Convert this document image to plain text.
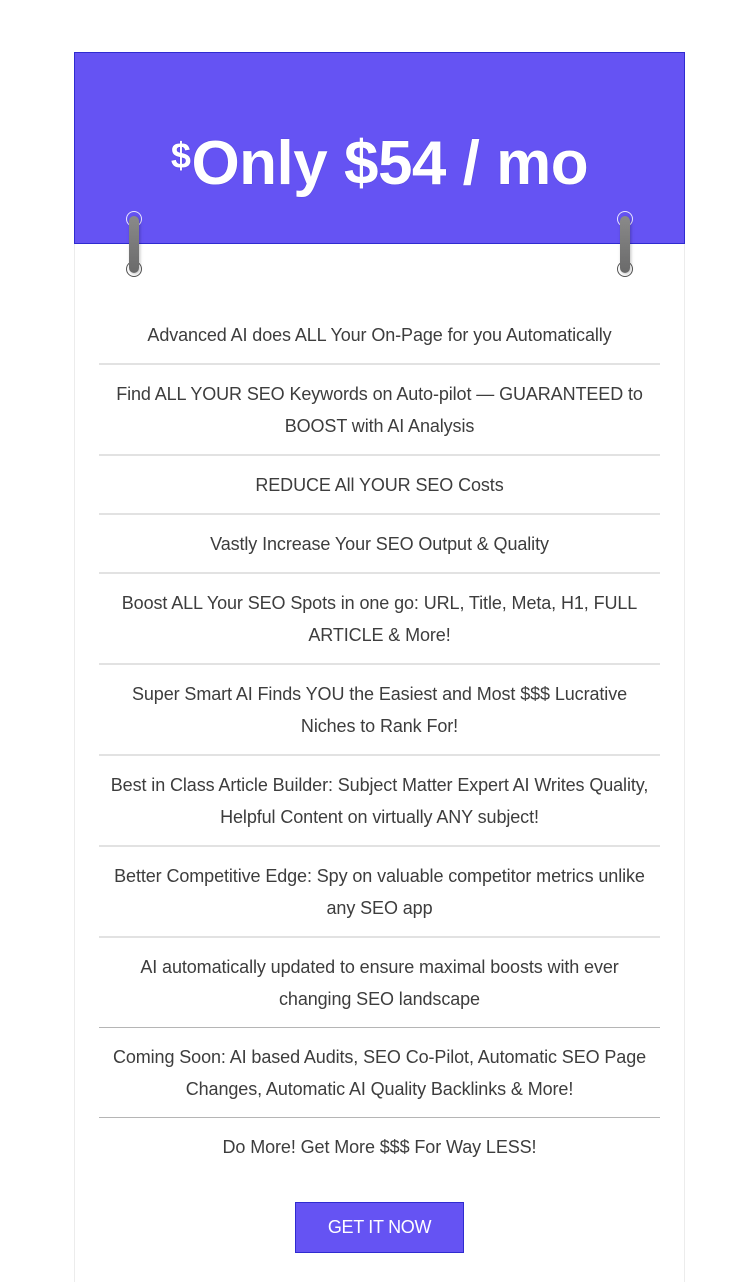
$Only $54 / mo
Advanced AI does ALL Your On-Page for you Automatically
Find ALL YOUR SEO Keywords on Auto-pilot — GUARANTEED to BOOST with AI Analysis
REDUCE All YOUR SEO Costs
Vastly Increase Your SEO Output & Quality
Boost ALL Your SEO Spots in one go: URL, Title, Meta, H1, FULL ARTICLE & More!
Super Smart AI Finds YOU the Easiest and Most $$$ Lucrative Niches to Rank For!
Best in Class Article Builder: Subject Matter Expert AI Writes Quality, Helpful Content on virtually ANY subject!
Better Competitive Edge: Spy on valuable competitor metrics unlike any SEO app
AI automatically updated to ensure maximal boosts with ever changing SEO landscape
Coming Soon: AI based Audits, SEO Co-Pilot, Automatic SEO Page Changes, Automatic AI Quality Backlinks & More!
Do More! Get More $$$ For Way LESS!
GET IT NOW
